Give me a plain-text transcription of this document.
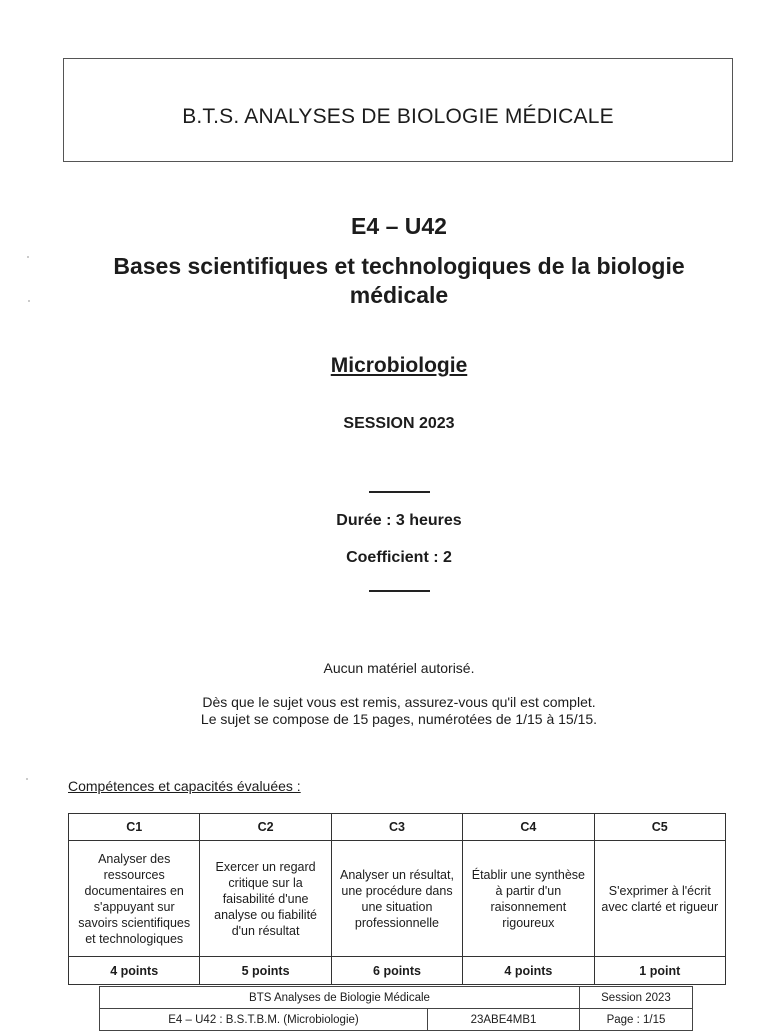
B.T.S. ANALYSES DE BIOLOGIE MÉDICALE
E4 – U42
Bases scientifiques et technologiques de la biologie
médicale
Microbiologie
SESSION 2023
Durée : 3 heures
Coefficient : 2
Aucun matériel autorisé.
Dès que le sujet vous est remis, assurez-vous qu'il est complet.
Le sujet se compose de 15 pages, numérotées de 1/15 à 15/15.
Compétences et capacités évaluées :
C1	C2	C3	C4	C5
Analyser des ressources documentaires en s'appuyant sur savoirs scientifiques et technologiques	Exercer un regard critique sur la faisabilité d'une analyse ou fiabilité d'un résultat	Analyser un résultat, une procédure dans une situation professionnelle	Établir une synthèse à partir d'un raisonnement rigoureux	S'exprimer à l'écrit avec clarté et rigueur
4 points	5 points	6 points	4 points	1 point
BTS Analyses de Biologie Médicale		Session 2023
E4 – U42 : B.S.T.B.M. (Microbiologie)	23ABE4MB1	Page : 1/15
